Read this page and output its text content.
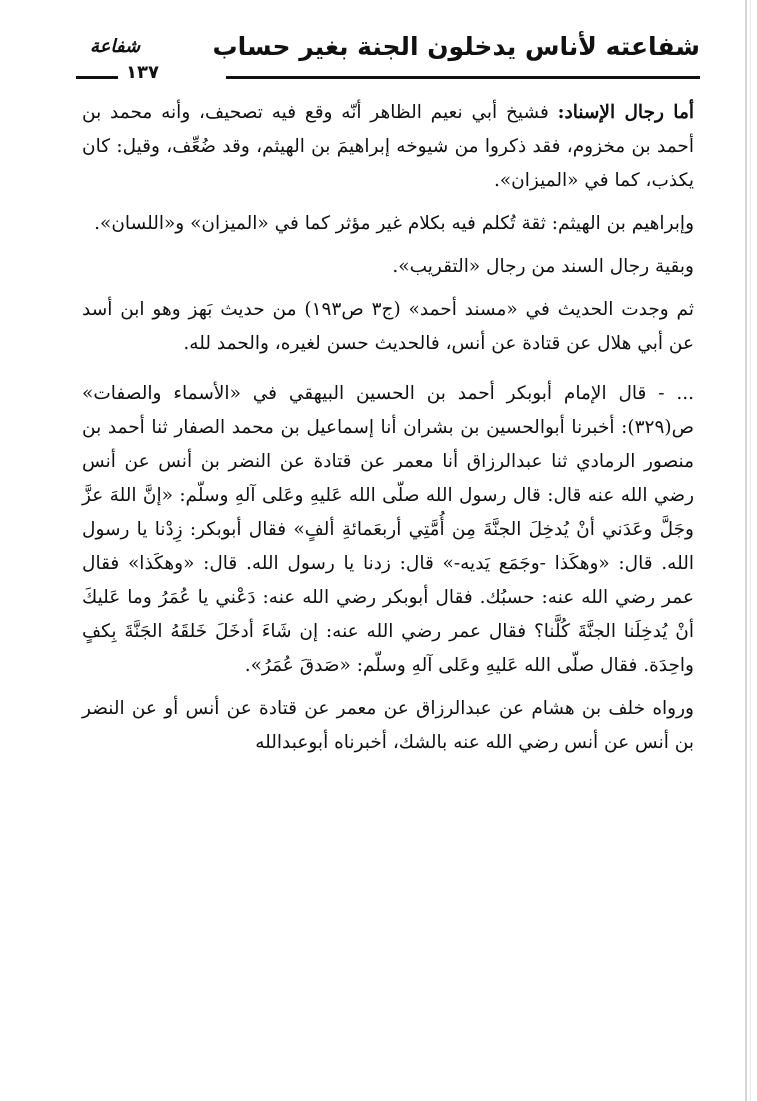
شفاعته لأناس يدخلون الجنة بغير حساب
شفاعة
١٣٧

أما رجال الإسناد: فشيخ أبي نعيم الظاهر أنّه وقع فيه تصحيف، وأنه محمد بن أحمد بن مخزوم، فقد ذكروا من شيوخه إبراهيمَ بن الهيثم، وقد ضُعِّف، وقيل: كان يكذب، كما في «الميزان».

وإبراهيم بن الهيثم: ثقة تُكلم فيه بكلام غير مؤثر كما في «الميزان» و«اللسان».

وبقية رجال السند من رجال «التقريب».

ثم وجدت الحديث في «مسند أحمد» (ج٣ ص١٩٣) من حديث بَهز وهو ابن أسد عن أبي هلال عن قتادة عن أنس، فالحديث حسن لغيره، والحمد لله.

... - قال الإمام أبوبكر أحمد بن الحسين البيهقي في «الأسماء والصفات» ص(٣٢٩): أخبرنا أبوالحسين بن بشران أنا إسماعيل بن محمد الصفار ثنا أحمد بن منصور الرمادي ثنا عبدالرزاق أنا معمر عن قتادة عن النضر بن أنس عن أنس رضي الله عنه قال: قال رسول الله صلّى الله عَليهِ وعَلى آلهِ وسلّم: «إنَّ اللهَ عزَّ وجَلَّ وعَدَني أنْ يُدخِلَ الجنَّةَ مِن أُمَّتِي أربعَمائةِ ألفٍ» فقال أبوبكر: زِدْنا يا رسول الله. قال: «وهكَذا -وجَمَع يَديه-» قال: زدنا يا رسول الله. قال: «وهكَذا» فقال عمر رضي الله عنه: حسبُك. فقال أبوبكر رضي الله عنه: دَعْني يا عُمَرُ وما عَليكَ أنْ يُدخِلَنا الجنَّةَ كُلَّنا؟ فقال عمر رضي الله عنه: إن شَاءَ أدخَلَ خَلقَهُ الجَنَّةَ بِكفٍ واحِدَة. فقال صلّى الله عَليهِ وعَلى آلهِ وسلّم: «صَدقَ عُمَرُ».

ورواه خلف بن هشام عن عبدالرزاق عن معمر عن قتادة عن أنس أو عن النضر بن أنس عن أنس رضي الله عنه بالشك، أخبرناه أبوعبدالله
